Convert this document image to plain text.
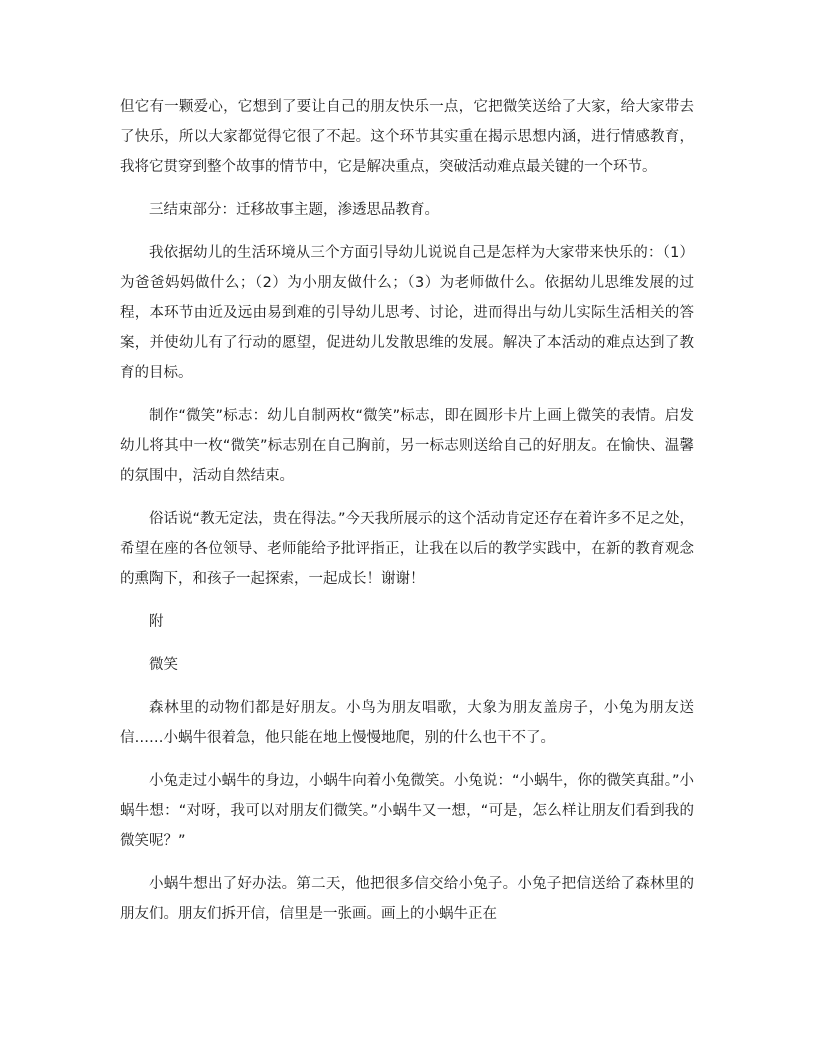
但它有一颗爱心，它想到了要让自己的朋友快乐一点，它把微笑送给了大家，给大家带去了快乐，所以大家都觉得它很了不起。这个环节其实重在揭示思想内涵，进行情感教育，我将它贯穿到整个故事的情节中，它是解决重点，突破活动难点最关键的一个环节。

三结束部分：迁移故事主题，渗透思品教育。

我依据幼儿的生活环境从三个方面引导幼儿说说自己是怎样为大家带来快乐的：（1）为爸爸妈妈做什么；（2）为小朋友做什么；（3）为老师做什么。依据幼儿思维发展的过程，本环节由近及远由易到难的引导幼儿思考、讨论，进而得出与幼儿实际生活相关的答案，并使幼儿有了行动的愿望，促进幼儿发散思维的发展。解决了本活动的难点达到了教育的目标。

制作“微笑”标志：幼儿自制两枚“微笑”标志，即在圆形卡片上画上微笑的表情。启发幼儿将其中一枚“微笑”标志别在自己胸前，另一标志则送给自己的好朋友。在愉快、温馨的氛围中，活动自然结束。

俗话说“教无定法，贵在得法。”今天我所展示的这个活动肯定还存在着许多不足之处，希望在座的各位领导、老师能给予批评指正，让我在以后的教学实践中，在新的教育观念的熏陶下，和孩子一起探索，一起成长！谢谢！

附

微笑

森林里的动物们都是好朋友。小鸟为朋友唱歌，大象为朋友盖房子，小兔为朋友送信……小蜗牛很着急，他只能在地上慢慢地爬，别的什么也干不了。

小兔走过小蜗牛的身边，小蜗牛向着小兔微笑。小兔说：“小蜗牛，你的微笑真甜。”小蜗牛想：“对呀，我可以对朋友们微笑。”小蜗牛又一想，“可是，怎么样让朋友们看到我的微笑呢？”

小蜗牛想出了好办法。第二天，他把很多信交给小兔子。小兔子把信送给了森林里的朋友们。朋友们拆开信，信里是一张画。画上的小蜗牛正在
